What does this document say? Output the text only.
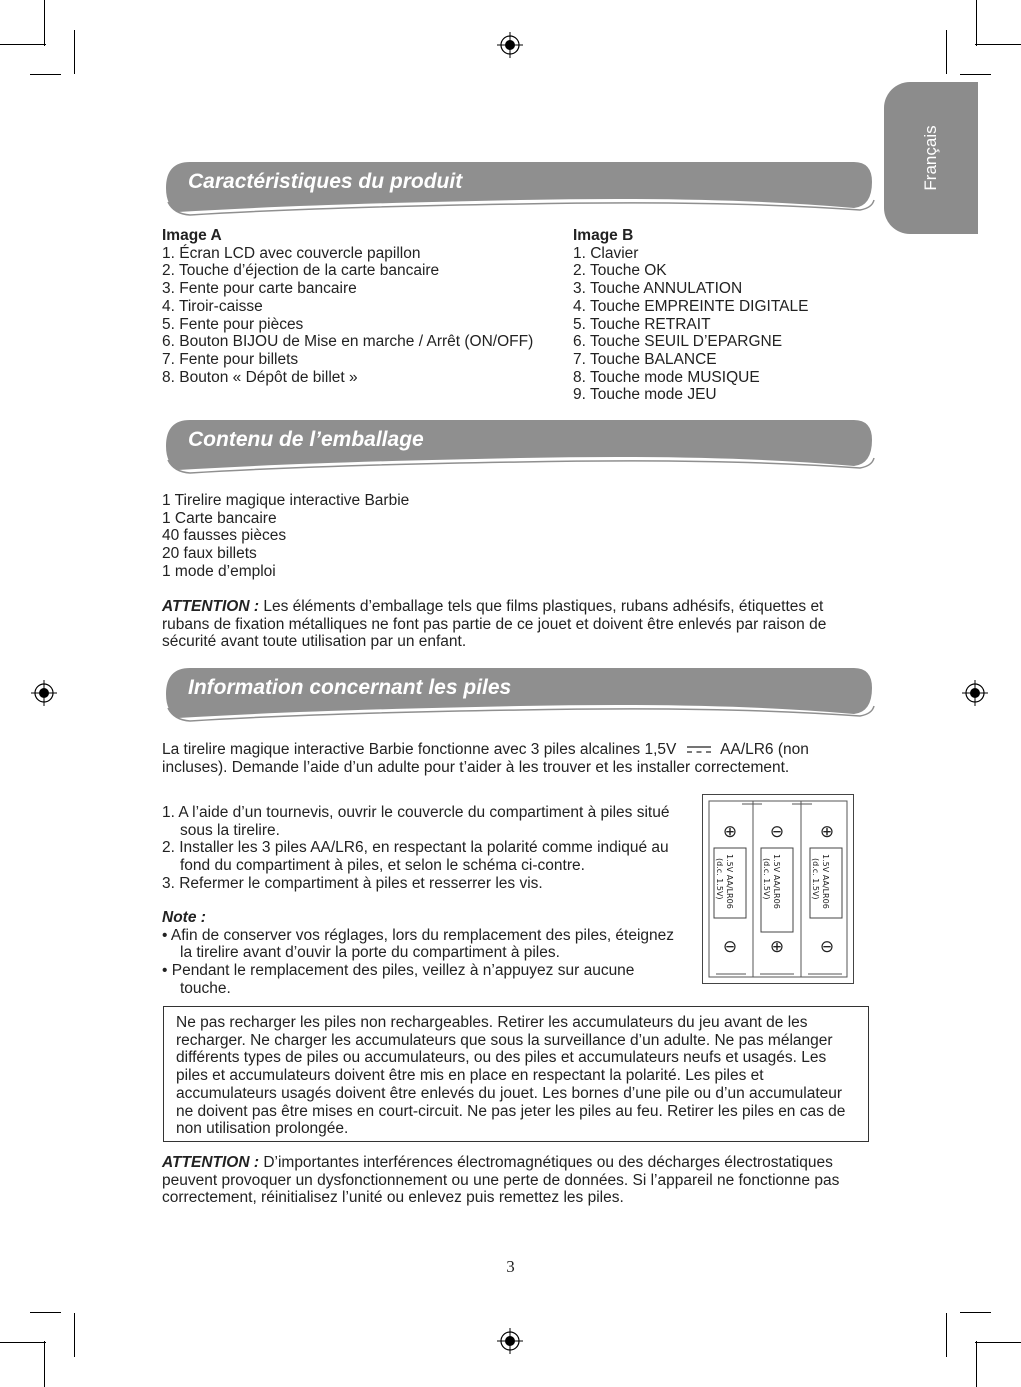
Français
Caractéristiques du produit
Image A
1. Écran LCD avec couvercle papillon
2. Touche d’éjection de la carte bancaire
3. Fente pour carte bancaire
4. Tiroir-caisse
5. Fente pour pièces
6. Bouton BIJOU de Mise en marche / Arrêt (ON/OFF)
7. Fente pour billets
8. Bouton « Dépôt de billet »
Image B
1. Clavier
2. Touche OK
3. Touche ANNULATION
4. Touche EMPREINTE DIGITALE
5. Touche RETRAIT
6. Touche SEUIL D’EPARGNE
7. Touche BALANCE
8. Touche mode MUSIQUE
9. Touche mode JEU
Contenu de l’emballage
1 Tirelire magique interactive Barbie
1 Carte bancaire
40 fausses pièces
20 faux billets
1 mode d’emploi
ATTENTION : Les éléments d’emballage tels que films plastiques, rubans adhésifs, étiquettes et rubans de fixation métalliques ne font pas partie de ce jouet et doivent être enlevés par raison de sécurité avant toute utilisation par un enfant.
Information concernant les piles
La tirelire magique interactive Barbie fonctionne avec 3 piles alcalines 1,5V  AA/LR6 (non incluses). Demande l’aide d’un adulte pour t’aider à les trouver et les installer correctement.
1. A l’aide d’un tournevis, ouvrir le couvercle du compartiment à piles situé sous la tirelire.
2. Installer les 3 piles AA/LR6, en respectant la polarité comme indiqué au fond du compartiment à piles, et selon le schéma ci-contre.
3. Refermer le compartiment à piles et resserrer les vis.
Note :
• Afin de conserver vos réglages, lors du remplacement des piles, éteignez la tirelire avant d’ouvir la porte du compartiment à piles.
• Pendant le remplacement des piles, veillez à n’appuyez sur aucune touche.
⊕
1.5V AA/LR06
(d.c. 1.5V)
⊖
⊖
1.5V AA/LR06
(d.c. 1.5V)
⊕
⊕
1.5V AA/LR06
(d.c. 1.5V)
⊖
Ne pas recharger les piles non rechargeables. Retirer les accumulateurs du jeu avant de les recharger. Ne charger les accumulateurs que sous la surveillance d’un adulte. Ne pas mélanger différents types de piles ou accumulateurs, ou des piles et accumulateurs neufs et usagés. Les piles et accumulateurs doivent être mis en place en respectant la polarité. Les piles et accumulateurs usagés doivent être enlevés du jouet. Les bornes d’une pile ou d’un accumulateur ne doivent pas être mises en court-circuit. Ne pas jeter les piles au feu. Retirer les piles en cas de non utilisation prolongée.
ATTENTION : D’importantes interférences électromagnétiques ou des décharges électrostatiques peuvent provoquer un dysfonctionnement ou une perte de données. Si l’appareil ne fonctionne pas correctement, réinitialisez l’unité ou enlevez puis remettez les piles.
3
